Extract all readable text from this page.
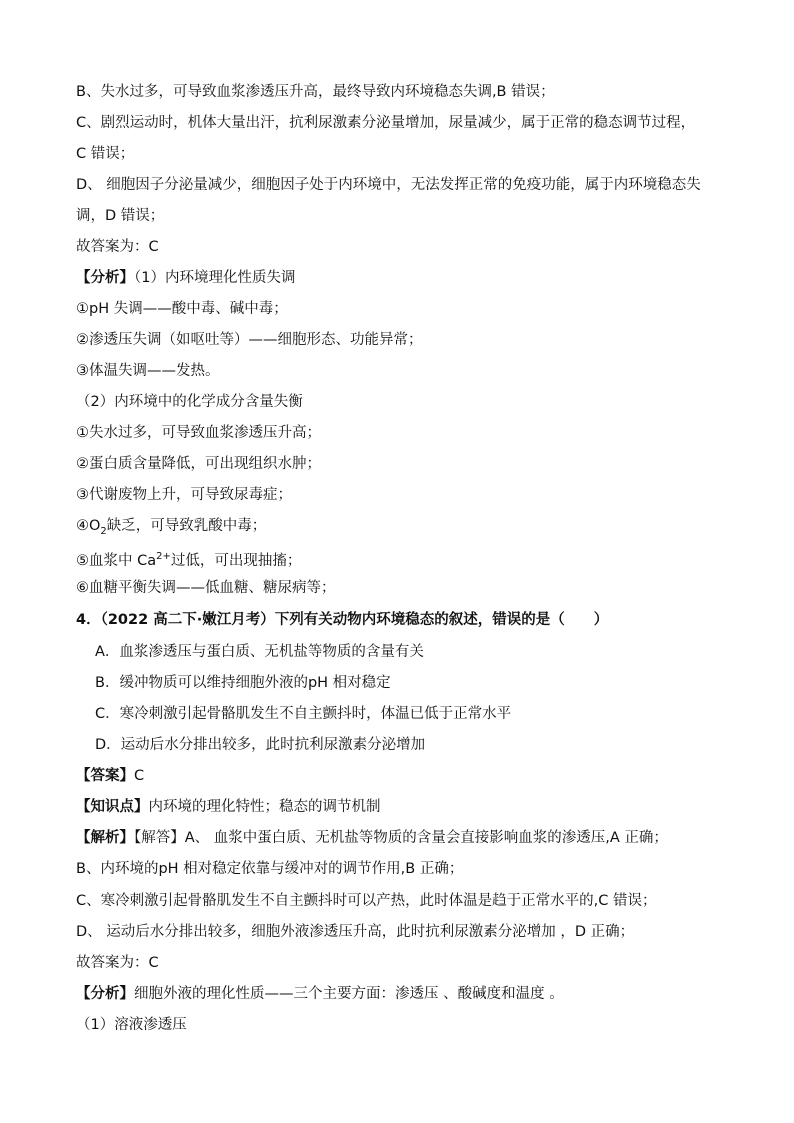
B、失水过多，可导致血浆渗透压升高，最终导致内环境稳态失调,B 错误；
C、剧烈运动时，机体大量出汗，抗利尿激素分泌量增加，尿量减少，属于正常的稳态调节过程，
C 错误；
D、 细胞因子分泌量减少，细胞因子处于内环境中，无法发挥正常的免疫功能，属于内环境稳态失
调，D 错误；
故答案为：C
【分析】（1）内环境理化性质失调
①pH 失调——酸中毒、碱中毒；
②渗透压失调（如呕吐等）——细胞形态、功能异常；
③体温失调——发热。
（2）内环境中的化学成分含量失衡
①失水过多，可导致血浆渗透压升高；
②蛋白质含量降低，可出现组织水肿；
③代谢废物上升，可导致尿毒症；
$④O_2$缺乏，可导致乳酸中毒；
⑤血浆中 $Ca^{2+}$过低，可出现抽搐；
⑥血糖平衡失调——低血糖、糖尿病等；
4．（2022 高二下·嫩江月考）下列有关动物内环境稳态的叙述，错误的是（　　）
A．血浆渗透压与蛋白质、无机盐等物质的含量有关
B．缓冲物质可以维持细胞外液的pH 相对稳定
C．寒冷刺激引起骨骼肌发生不自主颤抖时，体温已低于正常水平
D．运动后水分排出较多，此时抗利尿激素分泌增加
【答案】C
【知识点】内环境的理化特性；稳态的调节机制
【解析】【解答】A、 血浆中蛋白质、无机盐等物质的含量会直接影响血浆的渗透压,A 正确；
B、内环境的pH 相对稳定依靠与缓冲对的调节作用,B 正确；
C、寒冷刺激引起骨骼肌发生不自主颤抖时可以产热，此时体温是趋于正常水平的,C 错误；
D、 运动后水分排出较多，细胞外液渗透压升高，此时抗利尿激素分泌增加 ，D 正确；
故答案为：C
【分析】细胞外液的理化性质——三个主要方面：渗透压 、酸碱度和温度 。
（1）溶液渗透压
